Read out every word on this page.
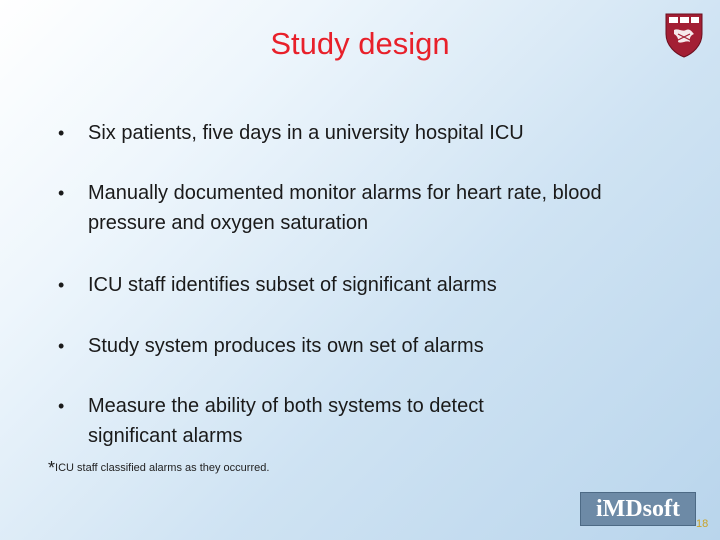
Study design
•	Six patients, five days in a university hospital ICU
•	Manually documented monitor alarms for heart rate, blood pressure and oxygen saturation
•	ICU staff identifies subset of significant alarms
•	Study system produces its own set of alarms
•	Measure the ability of both systems to detect significant alarms
*ICU staff classified alarms as they occurred.
iMDsoft
18
